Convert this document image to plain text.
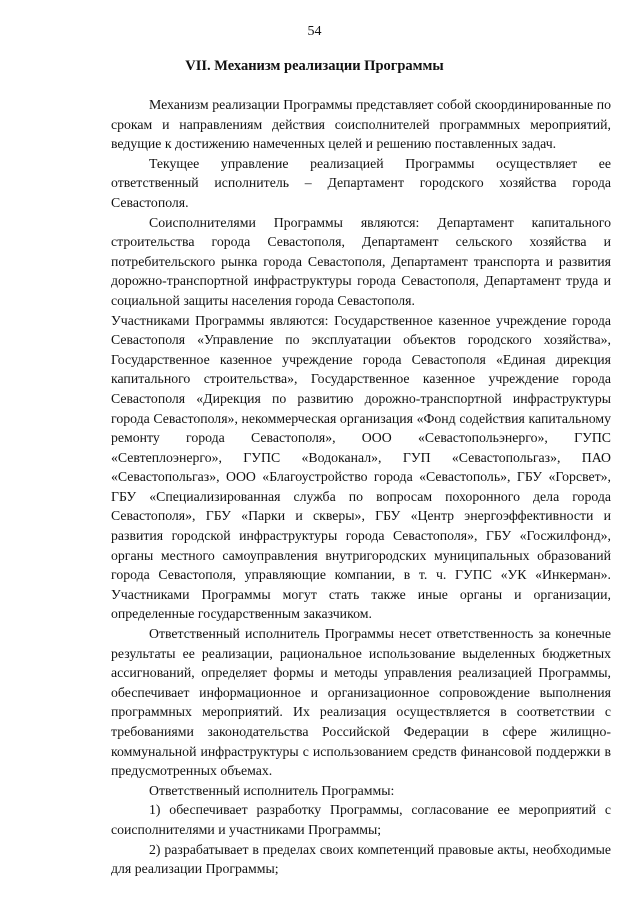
54
VII. Механизм реализации Программы

Механизм реализации Программы представляет собой скоординированные по срокам и направлениям действия соисполнителей программных мероприятий, ведущие к достижению намеченных целей и решению поставленных задач.

Текущее управление реализацией Программы осуществляет ее ответственный исполнитель – Департамент городского хозяйства города Севастополя.

Соисполнителями Программы являются: Департамент капитального строительства города Севастополя, Департамент сельского хозяйства и потребительского рынка города Севастополя, Департамент транспорта и развития дорожно-транспортной инфраструктуры города Севастополя, Департамент труда и социальной защиты населения города Севастополя.

Участниками Программы являются: Государственное казенное учреждение города Севастополя «Управление по эксплуатации объектов городского хозяйства», Государственное казенное учреждение города Севастополя «Единая дирекция капитального строительства», Государственное казенное учреждение города Севастополя «Дирекция по развитию дорожно-транспортной инфраструктуры города Севастополя», некоммерческая организация «Фонд содействия капитальному ремонту города Севастополя», ООО «Севастопольэнерго», ГУПС «Севтеплоэнерго», ГУПС «Водоканал», ГУП «Севастопольгаз», ПАО «Севастопольгаз», ООО «Благоустройство города «Севастополь», ГБУ «Горсвет», ГБУ «Специализированная служба по вопросам похоронного дела города Севастополя», ГБУ «Парки и скверы», ГБУ «Центр энергоэффективности и развития городской инфраструктуры города Севастополя», ГБУ «Госжилфонд», органы местного самоуправления внутригородских муниципальных образований города Севастополя, управляющие компании, в т. ч. ГУПС «УК «Инкерман». Участниками Программы могут стать также иные органы и организации, определенные государственным заказчиком.

Ответственный исполнитель Программы несет ответственность за конечные результаты ее реализации, рациональное использование выделенных бюджетных ассигнований, определяет формы и методы управления реализацией Программы, обеспечивает информационное и организационное сопровождение выполнения программных мероприятий. Их реализация осуществляется в соответствии с требованиями законодательства Российской Федерации в сфере жилищно-коммунальной инфраструктуры с использованием средств финансовой поддержки в предусмотренных объемах.

Ответственный исполнитель Программы:

1) обеспечивает разработку Программы, согласование ее мероприятий с соисполнителями и участниками Программы;

2) разрабатывает в пределах своих компетенций правовые акты, необходимые для реализации Программы;
